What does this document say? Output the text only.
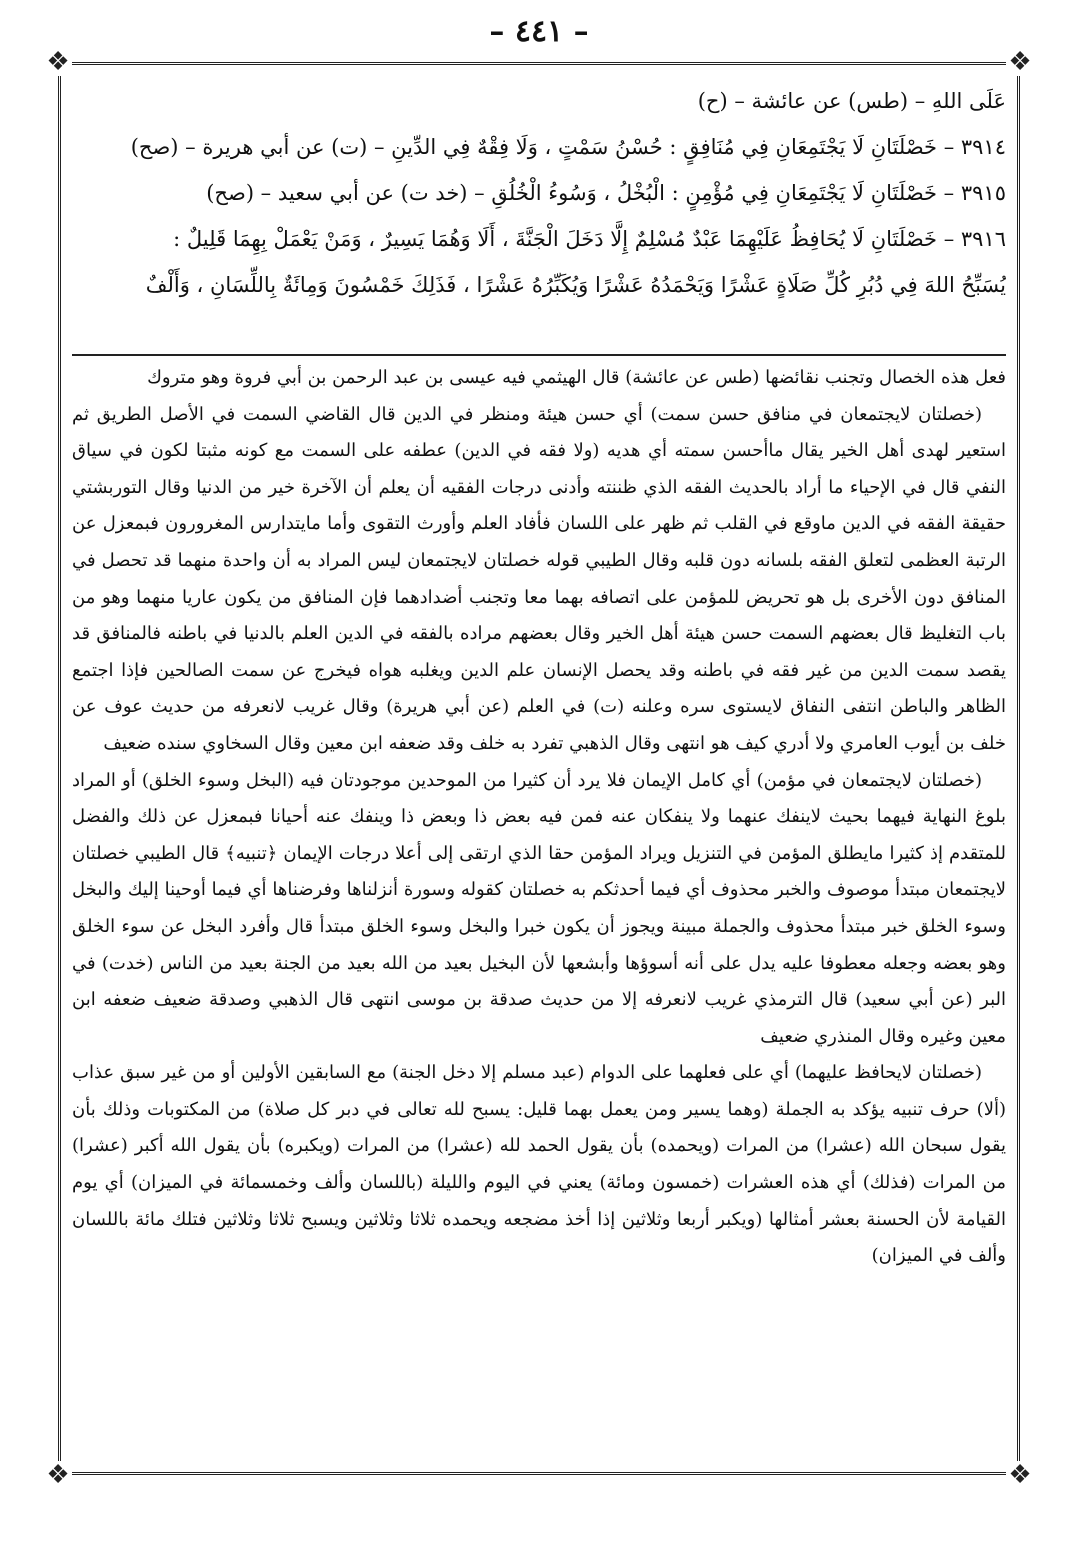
– ٤٤١ –
❖	❖
❖	❖
عَلَى اللهِ – (طس) عن عائشة – (ح)
٣٩١٤ – خَصْلَتَانِ لَا يَجْتَمِعَانِ فِي مُنَافِقٍ : حُسْنُ سَمْتٍ ، وَلَا فِقْهٌ فِي الدِّينِ – (ت) عن أبي هريرة – (صح)
٣٩١٥ – خَصْلَتَانِ لَا يَجْتَمِعَانِ فِي مُؤْمِنٍ : الْبُخْلُ ، وَسُوءُ الْخُلُقِ – (خد ت) عن أبي سعيد – (صح)
٣٩١٦ – خَصْلَتَانِ لَا يُحَافِظُ عَلَيْهِمَا عَبْدٌ مُسْلِمٌ إِلَّا دَخَلَ الْجَنَّةَ ، أَلَا وَهُمَا يَسِيرٌ ، وَمَنْ يَعْمَلْ بِهِمَا قَلِيلٌ :
يُسَبِّحُ اللهَ فِي دُبُرِ كُلِّ صَلَاةٍ عَشْرًا وَيَحْمَدُهُ عَشْرًا وَيُكَبِّرُهُ عَشْرًا ، فَذَلِكَ خَمْسُونَ وَمِائَةٌ بِاللِّسَانِ ، وَأَلْفٌ

فعل هذه الخصال وتجنب نقائضها (طس عن عائشة) قال الهيثمي فيه عيسى بن عبد الرحمن بن أبي فروة وهو متروك

(خصلتان لايجتمعان في منافق حسن سمت) أي حسن هيئة ومنظر في الدين قال القاضي السمت في الأصل الطريق ثم استعير لهدى أهل الخير يقال ماأحسن سمته أي هديه (ولا فقه في الدين) عطفه على السمت مع كونه مثبتا لكون في سياق النفي قال في الإحياء ما أراد بالحديث الفقه الذي ظننته وأدنى درجات الفقيه أن يعلم أن الآخرة خير من الدنيا وقال التوربشتي حقيقة الفقه في الدين ماوقع في القلب ثم ظهر على اللسان فأفاد العلم وأورث التقوى وأما مايتدارس المغرورون فبمعزل عن الرتبة العظمى لتعلق الفقه بلسانه دون قلبه وقال الطيبي قوله خصلتان لايجتمعان ليس المراد به أن واحدة منهما قد تحصل في المنافق دون الأخرى بل هو تحريض للمؤمن على اتصافه بهما معا وتجنب أضدادهما فإن المنافق من يكون عاريا منهما وهو من باب التغليظ قال بعضهم السمت حسن هيئة أهل الخير وقال بعضهم مراده بالفقه في الدين العلم بالدنيا في باطنه فالمنافق قد يقصد سمت الدين من غير فقه في باطنه وقد يحصل الإنسان علم الدين ويغلبه هواه فيخرج عن سمت الصالحين فإذا اجتمع الظاهر والباطن انتفى النفاق لايستوى سره وعلنه (ت) في العلم (عن أبي هريرة) وقال غريب لانعرفه من حديث عوف عن خلف بن أيوب العامري ولا أدري كيف هو انتهى وقال الذهبي تفرد به خلف وقد ضعفه ابن معين وقال السخاوي سنده ضعيف

(خصلتان لايجتمعان في مؤمن) أي كامل الإيمان فلا يرد أن كثيرا من الموحدين موجودتان فيه (البخل وسوء الخلق) أو المراد بلوغ النهاية فيهما بحيث لاينفك عنهما ولا ينفكان عنه فمن فيه بعض ذا وبعض ذا وينفك عنه أحيانا فبمعزل عن ذلك والفضل للمتقدم إذ كثيرا مايطلق المؤمن في التنزيل ويراد المؤمن حقا الذي ارتقى إلى أعلا درجات الإيمان ﴿تنبيه﴾ قال الطيبي خصلتان لايجتمعان مبتدأ موصوف والخبر محذوف أي فيما أحدثكم به خصلتان كقوله وسورة أنزلناها وفرضناها أي فيما أوحينا إليك والبخل وسوء الخلق خبر مبتدأ محذوف والجملة مبينة ويجوز أن يكون خبرا والبخل وسوء الخلق مبتدأ قال وأفرد البخل عن سوء الخلق وهو بعضه وجعله معطوفا عليه يدل على أنه أسوؤها وأبشعها لأن البخيل بعيد من الله بعيد من الجنة بعيد من الناس (خدت) في البر (عن أبي سعيد) قال الترمذي غريب لانعرفه إلا من حديث صدقة بن موسى انتهى قال الذهبي وصدقة ضعيف ضعفه ابن معين وغيره وقال المنذري ضعيف

(خصلتان لايحافظ عليهما) أي على فعلهما على الدوام (عبد مسلم إلا دخل الجنة) مع السابقين الأولين أو من غير سبق عذاب (ألا) حرف تنبيه يؤكد به الجملة (وهما يسير ومن يعمل بهما قليل: يسبح لله تعالى في دبر كل صلاة) من المكتوبات وذلك بأن يقول سبحان الله (عشرا) من المرات (ويحمده) بأن يقول الحمد لله (عشرا) من المرات (ويكبره) بأن يقول الله أكبر (عشرا) من المرات (فذلك) أي هذه العشرات (خمسون ومائة) يعني في اليوم والليلة (باللسان وألف وخمسمائة في الميزان) أي يوم القيامة لأن الحسنة بعشر أمثالها (ويكبر أربعا وثلاثين إذا أخذ مضجعه ويحمده ثلاثا وثلاثين ويسبح ثلاثا وثلاثين فتلك مائة باللسان وألف في الميزان)
